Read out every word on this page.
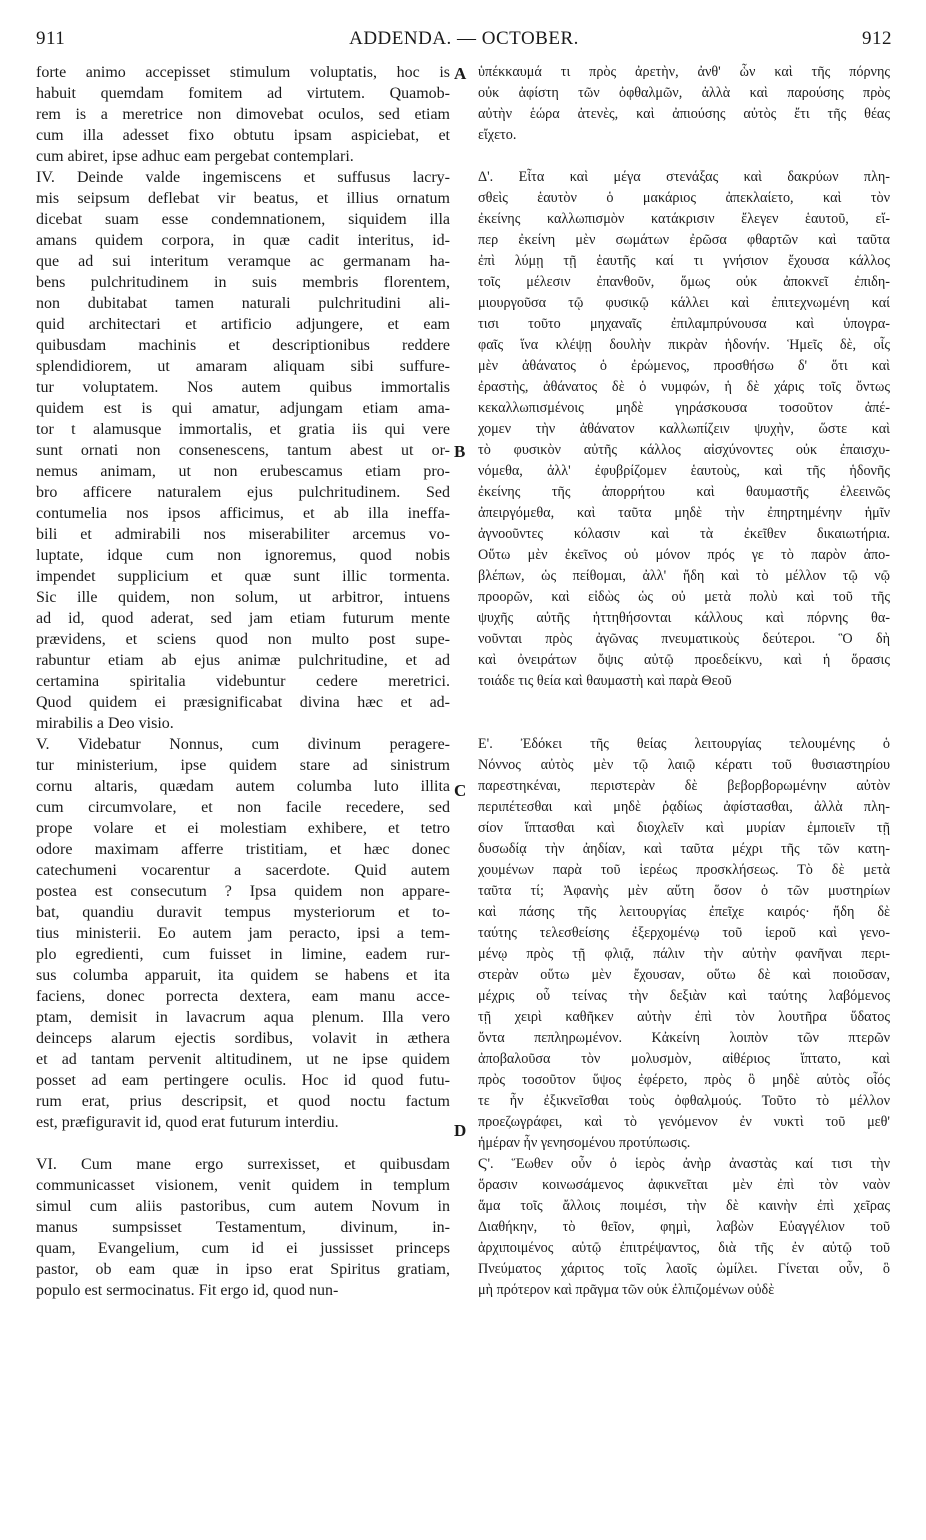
911	ADDENDA. — OCTOBER.	912
forte animo accepisset stimulum voluptatis, hoc is
habuit quemdam fomitem ad virtutem. Quamob-
rem is a meretrice non dimovebat oculos, sed etiam
cum illa adesset fixo obtutu ipsam aspiciebat, et
cum abiret, ipse adhuc eam pergebat contemplari.
IV. Deinde valde ingemiscens et suffusus lacry-
mis seipsum deflebat vir beatus, et illius ornatum
dicebat suam esse condemnationem, siquidem illa
amans quidem corpora, in quæ cadit interitus, id-
que ad sui interitum veramque ac germanam ha-
bens pulchritudinem in suis membris florentem,
non dubitabat tamen naturali pulchritudini ali-
quid architectari et artificio adjungere, et eam
quibusdam machinis et descriptionibus reddere
splendidiorem, ut amaram aliquam sibi suffure-
tur voluptatem. Nos autem quibus immortalis
quidem est is qui amatur, adjungam etiam ama-
tor t alamusque immortalis, et gratia iis qui vere
sunt ornati non consenescens, tantum abest ut or-
nemus animam, ut non erubescamus etiam pro-
bro afficere naturalem ejus pulchritudinem. Sed
contumelia nos ipsos afficimus, et ab illa ineffa-
bili et admirabili nos miserabiliter arcemus vo-
luptate, idque cum non ignoremus, quod nobis
impendet supplicium et quæ sunt illic tormenta.
Sic ille quidem, non solum, ut arbitror, intuens
ad id, quod aderat, sed jam etiam futurum mente
prævidens, et sciens quod non multo post supe-
rabuntur etiam ab ejus animæ pulchritudine, et ad
certamina spiritalia videbuntur cedere meretrici.
Quod quidem ei præsignificabat divina hæc et ad-
mirabilis a Deo visio.
V. Videbatur Nonnus, cum divinum peragere-
tur ministerium, ipse quidem stare ad sinistrum
cornu altaris, quædam autem columba luto illita
cum circumvolare, et non facile recedere, sed
prope volare et ei molestiam exhibere, et tetro
odore maximam afferre tristitiam, et hæc donec
catechumeni vocarentur a sacerdote. Quid autem
postea est consecutum ? Ipsa quidem non appare-
bat, quandiu duravit tempus mysteriorum et to-
tius ministerii. Eo autem jam peracto, ipsi a tem-
plo egredienti, cum fuisset in limine, eadem rur-
sus columba apparuit, ita quidem se habens et ita
faciens, donec porrecta dextera, eam manu acce-
ptam, demisit in lavacrum aqua plenum. Illa vero
deinceps alarum ejectis sordibus, volavit in æthera
et ad tantam pervenit altitudinem, ut ne ipse quidem
posset ad eam pertingere oculis. Hoc id quod futu-
rum erat, prius descripsit, et quod noctu factum
est, præfiguravit id, quod erat futurum interdiu.
VI. Cum mane ergo surrexisset, et quibusdam
communicasset visionem, venit quidem in templum
simul cum aliis pastoribus, cum autem Novum in
manus sumpsisset Testamentum, divinum, in-
quam, Evangelium, cum id ei jussisset princeps
pastor, ob eam quæ in ipso erat Spiritus gratiam,
populo est sermocinatus. Fit ergo id, quod nun-
ὑπέκκαυμά τι πρὸς ἀρετὴν, ἀνθ' ὧν καὶ τῆς πόρνης
οὐκ ἀφίστη τῶν ὀφθαλμῶν, ἀλλὰ καὶ παρούσης πρὸς
αὐτὴν ἑώρα ἀτενὲς, καὶ ἀπιούσης αὐτὸς ἔτι τῆς θέας
εἴχετο.
Δ'. Εἶτα καὶ μέγα στενάξας καὶ δακρύων πλη-
σθεὶς ἑαυτὸν ὁ μακάριος ἀπεκλαίετο, καὶ τὸν
ἐκείνης καλλωπισμὸν κατάκρισιν ἔλεγεν ἑαυτοῦ, εἴ-
περ ἐκείνη μὲν σωμάτων ἐρῶσα φθαρτῶν καὶ ταῦτα
ἐπὶ λύμῃ τῇ ἑαυτῆς καί τι γνήσιον ἔχουσα κάλλος
τοῖς μέλεσιν ἐπανθοῦν, ὅμως οὐκ ἀποκνεῖ ἐπιδη-
μιουργοῦσα τῷ φυσικῷ κάλλει καὶ ἐπιτεχνωμένη καί
τισι τοῦτο μηχαναῖς ἐπιλαμπρύνουσα καὶ ὑπογρα-
φαῖς ἵνα κλέψῃ δουλὴν πικρὰν ἡδονήν. Ἡμεῖς δὲ, οἷς
μὲν ἀθάνατος ὁ ἐρώμενος, προσθήσω δ' ὅτι καὶ
ἐραστὴς, ἀθάνατος δὲ ὁ νυμφών, ἡ δὲ χάρις τοῖς ὄντως
κεκαλλωπισμένοις μηδὲ γηράσκουσα τοσοῦτον ἀπέ-
χομεν τὴν ἀθάνατον καλλωπίζειν ψυχὴν, ὥστε καὶ
τὸ φυσικὸν αὐτῆς κάλλος αἰσχύνοντες οὐκ ἐπαισχυ-
νόμεθα, ἀλλ' ἐφυβρίζομεν ἑαυτοὺς, καὶ τῆς ἡδονῆς
ἐκείνης τῆς ἀπορρήτου καὶ θαυμαστῆς ἐλεεινῶς
ἀπειργόμεθα, καὶ ταῦτα μηδὲ τὴν ἐπηρτημένην ἡμῖν
ἀγνοοῦντες κόλασιν καὶ τὰ ἐκεῖθεν δικαιωτήρια.
Οὕτω μὲν ἐκεῖνος οὐ μόνον πρός γε τὸ παρὸν ἀπο-
βλέπων, ὡς πείθομαι, ἀλλ' ἤδη καὶ τὸ μέλλον τῷ νῷ
προορῶν, καὶ εἰδὼς ὡς οὐ μετὰ πολὺ καὶ τοῦ τῆς
ψυχῆς αὐτῆς ἡττηθήσονται κάλλους καὶ πόρνης θα-
νοῦνται πρὸς ἀγῶνας πνευματικοὺς δεύτεροι. Ὃ δὴ
καὶ ὀνειράτων ὄψις αὐτῷ προεδείκνυ, καὶ ἡ ὅρασις
τοιάδε τις θεία καὶ θαυμαστὴ καὶ παρὰ Θεοῦ
Ε'. Ἐδόκει τῆς θείας λειτουργίας τελουμένης ὁ
Νόννος αὐτὸς μὲν τῷ λαιῷ κέρατι τοῦ θυσιαστηρίου
παρεστηκέναι, περιστερὰν δὲ βεβορβορωμένην αὐτὸν
περιπέτεσθαι καὶ μηδὲ ῥᾳδίως ἀφίστασθαι, ἀλλὰ πλη-
σίον ἵπτασθαι καὶ διοχλεῖν καὶ μυρίαν ἐμποιεῖν τῇ
δυσωδίᾳ τὴν ἀηδίαν, καὶ ταῦτα μέχρι τῆς τῶν κατη-
χουμένων παρὰ τοῦ ἱερέως προσκλήσεως. Τὸ δὲ μετὰ
ταῦτα τί; Ἀφανὴς μὲν αὕτη ὅσον ὁ τῶν μυστηρίων
καὶ πάσης τῆς λειτουργίας ἐπεῖχε καιρός· ἤδη δὲ
ταύτης τελεσθείσης ἐξερχομένῳ τοῦ ἱεροῦ καὶ γενο-
μένῳ πρὸς τῇ φλιᾷ, πάλιν τὴν αὐτὴν φανῆναι περι-
στερὰν οὕτω μὲν ἔχουσαν, οὕτω δὲ καὶ ποιοῦσαν,
μέχρις οὗ τείνας τὴν δεξιὰν καὶ ταύτης λαβόμενος
τῇ χειρὶ καθῆκεν αὐτὴν ἐπὶ τὸν λουτῆρα ὕδατος
ὄντα πεπληρωμένον. Κἀκείνη λοιπὸν τῶν πτερῶν
ἀποβαλοῦσα τὸν μολυσμὸν, αἰθέριος ἵπτατο, καὶ
πρὸς τοσοῦτον ὕψος ἐφέρετο, πρὸς ὃ μηδὲ αὐτὸς οἷός
τε ἦν ἐξικνεῖσθαι τοὺς ὀφθαλμούς. Τοῦτο τὸ μέλλον
προεζωγράφει, καὶ τὸ γενόμενον ἐν νυκτὶ τοῦ μεθ'
ἡμέραν ἦν γενησομένου προτύπωσις.
Ϛ'. Ἕωθεν οὖν ὁ ἱερὸς ἀνὴρ ἀναστὰς καί τισι τὴν
ὅρασιν κοινωσάμενος ἀφικνεῖται μὲν ἐπὶ τὸν ναὸν
ἅμα τοῖς ἄλλοις ποιμέσι, τὴν δὲ καινὴν ἐπὶ χεῖρας
Διαθήκην, τὸ θεῖον, φημὶ, λαβὼν Εὐαγγέλιον τοῦ
ἀρχιποιμένος αὐτῷ ἐπιτρέψαντος, διὰ τῆς ἐν αὐτῷ τοῦ
Πνεύματος χάριτος τοῖς λαοῖς ὡμίλει. Γίνεται οὖν, ὃ
μὴ πρότερον καὶ πρᾶγμα τῶν οὐκ ἐλπιζομένων οὐδὲ
A
B
C
D
